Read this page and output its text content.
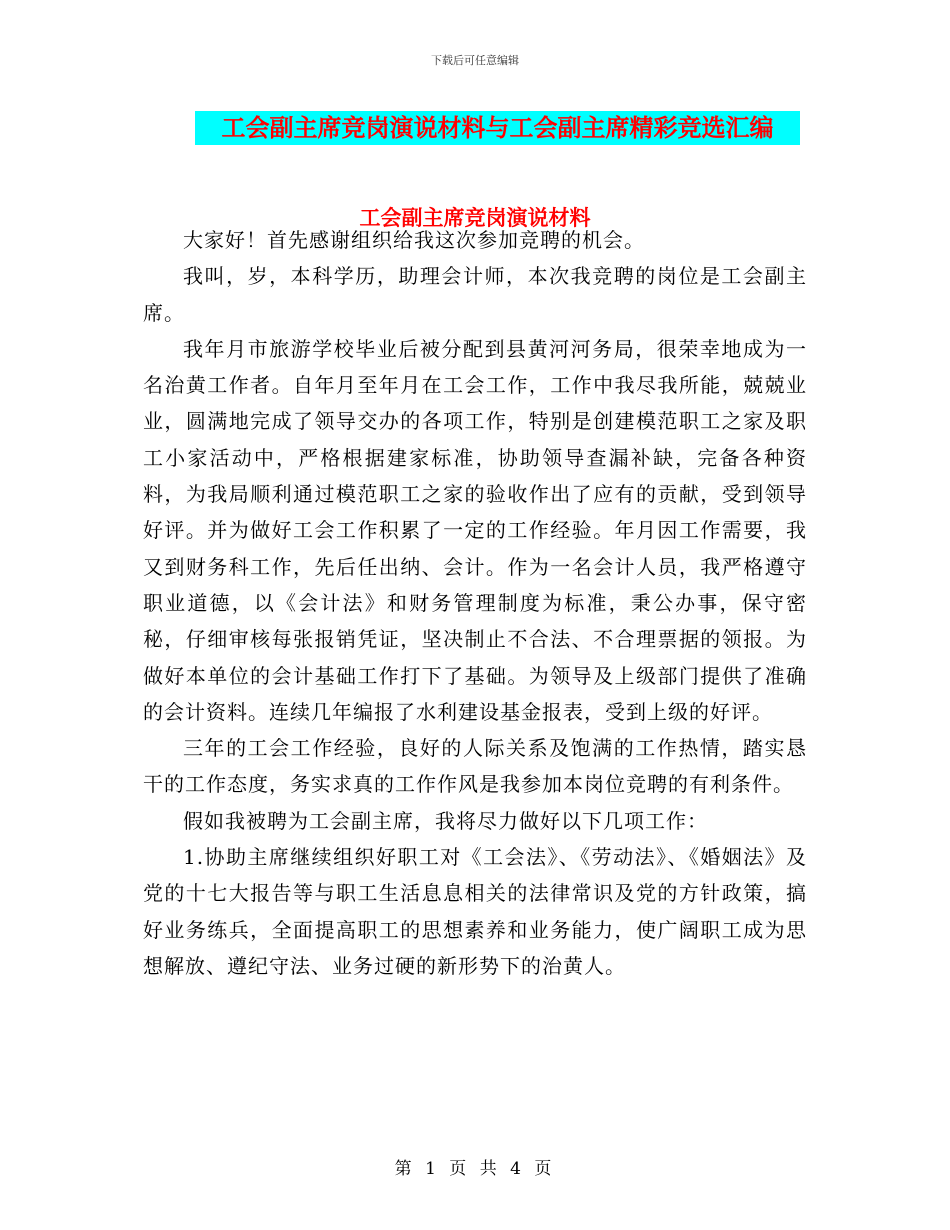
下载后可任意编辑
工会副主席竞岗演说材料与工会副主席精彩竞选汇编
工会副主席竞岗演说材料

大家好！首先感谢组织给我这次参加竞聘的机会。

我叫，岁，本科学历，助理会计师，本次我竞聘的岗位是工会副主席。

我年月市旅游学校毕业后被分配到县黄河河务局，很荣幸地成为一名治黄工作者。自年月至年月在工会工作，工作中我尽我所能，兢兢业业，圆满地完成了领导交办的各项工作，特别是创建模范职工之家及职工小家活动中，严格根据建家标准，协助领导查漏补缺，完备各种资料，为我局顺利通过模范职工之家的验收作出了应有的贡献，受到领导好评。并为做好工会工作积累了一定的工作经验。年月因工作需要，我又到财务科工作，先后任出纳、会计。作为一名会计人员，我严格遵守职业道德，以《会计法》和财务管理制度为标准，秉公办事，保守密秘，仔细审核每张报销凭证，坚决制止不合法、不合理票据的领报。为做好本单位的会计基础工作打下了基础。为领导及上级部门提供了准确的会计资料。连续几年编报了水利建设基金报表，受到上级的好评。

三年的工会工作经验，良好的人际关系及饱满的工作热情，踏实恳干的工作态度，务实求真的工作作风是我参加本岗位竞聘的有利条件。

假如我被聘为工会副主席，我将尽力做好以下几项工作：

1.协助主席继续组织好职工对《工会法》、《劳动法》、《婚姻法》及党的十七大报告等与职工生活息息相关的法律常识及党的方针政策，搞好业务练兵，全面提高职工的思想素养和业务能力，使广阔职工成为思想解放、遵纪守法、业务过硬的新形势下的治黄人。

第 1 页 共 4 页
